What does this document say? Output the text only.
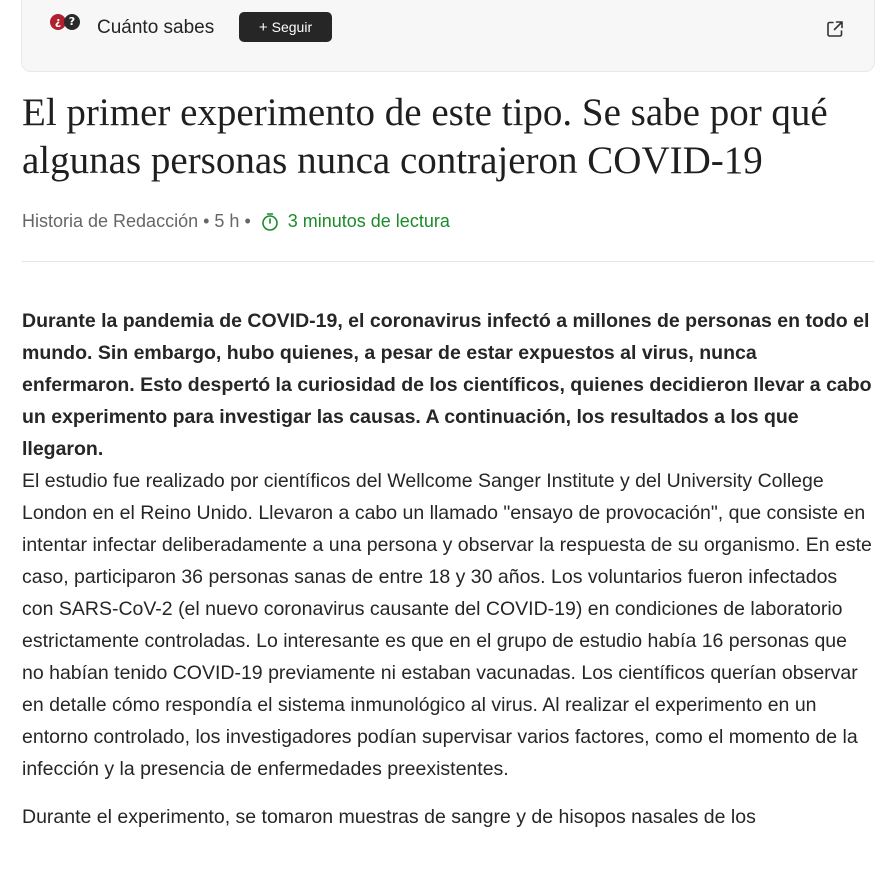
¿ ? Cuánto sabes	+ Seguir
El primer experimento de este tipo. Se sabe por qué algunas personas nunca contrajeron COVID-19
Historia de Redacción • 5 h • 3 minutos de lectura

Durante la pandemia de COVID-19, el coronavirus infectó a millones de personas en todo el mundo. Sin embargo, hubo quienes, a pesar de estar expuestos al virus, nunca enfermaron. Esto despertó la curiosidad de los científicos, quienes decidieron llevar a cabo un experimento para investigar las causas. A continuación, los resultados a los que llegaron.

El estudio fue realizado por científicos del Wellcome Sanger Institute y del University College London en el Reino Unido. Llevaron a cabo un llamado "ensayo de provocación", que consiste en intentar infectar deliberadamente a una persona y observar la respuesta de su organismo. En este caso, participaron 36 personas sanas de entre 18 y 30 años. Los voluntarios fueron infectados con SARS-CoV-2 (el nuevo coronavirus causante del COVID-19) en condiciones de laboratorio estrictamente controladas. Lo interesante es que en el grupo de estudio había 16 personas que no habían tenido COVID-19 previamente ni estaban vacunadas. Los científicos querían observar en detalle cómo respondía el sistema inmunológico al virus. Al realizar el experimento en un entorno controlado, los investigadores podían supervisar varios factores, como el momento de la infección y la presencia de enfermedades preexistentes.

Durante el experimento, se tomaron muestras de sangre y de hisopos nasales de los
